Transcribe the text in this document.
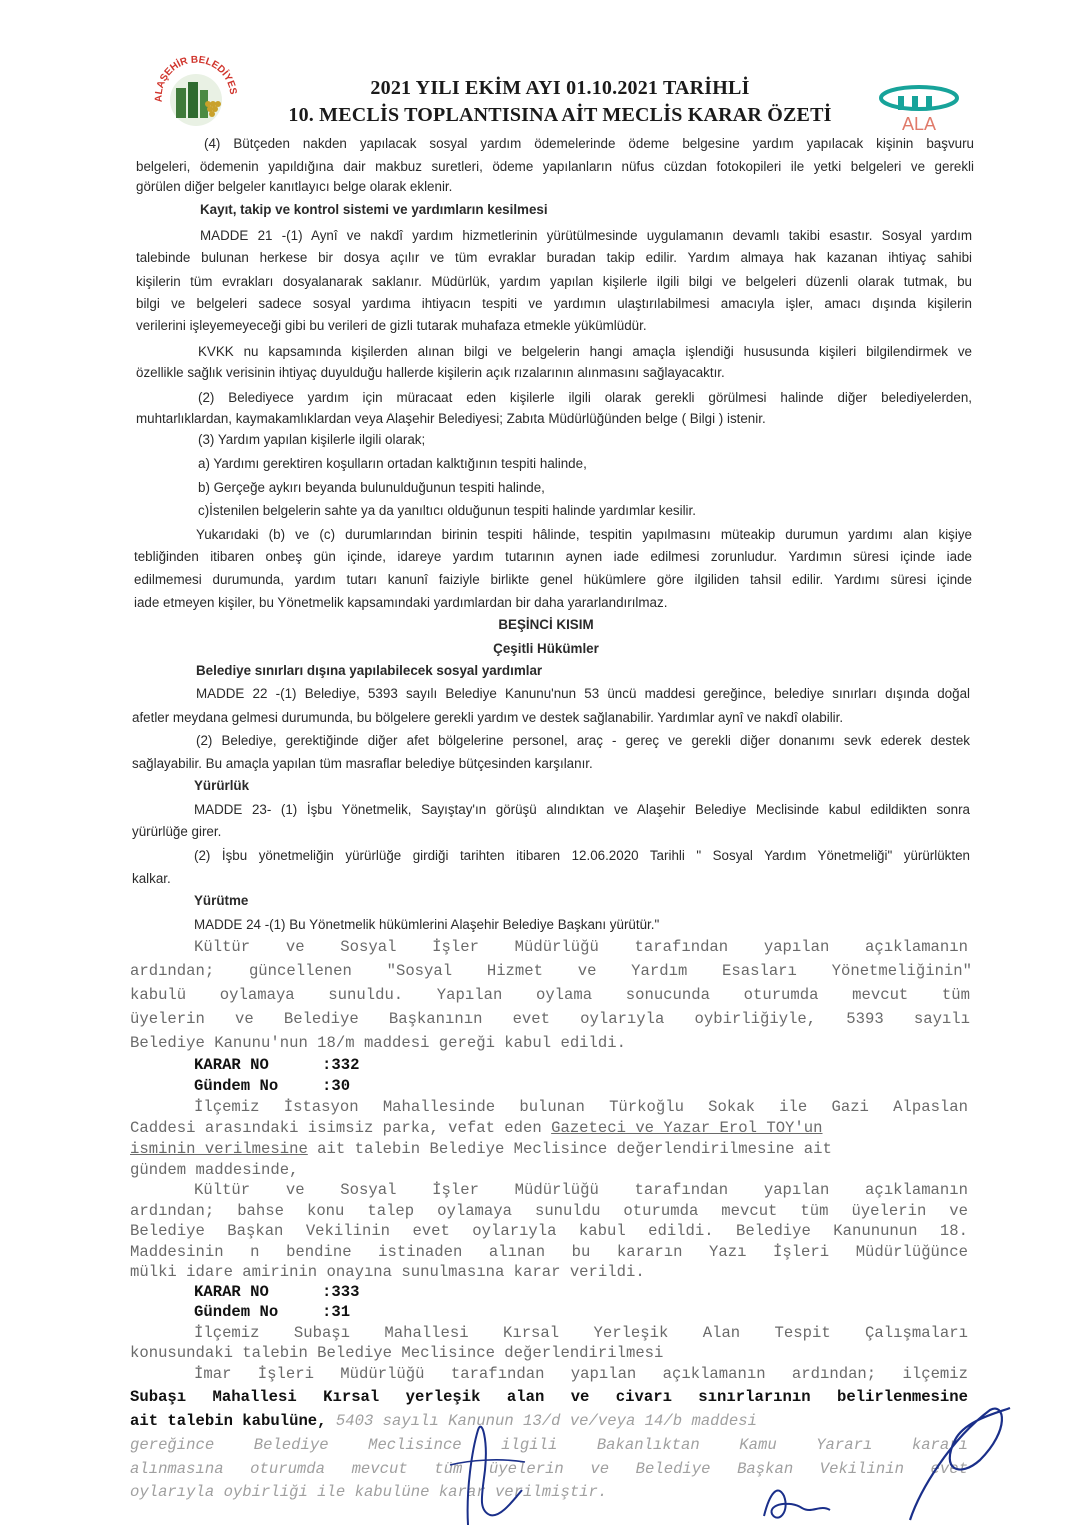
ALAŞEHİR BELEDİYES	2021 YILI EKİM AYI 01.10.2021 TARİHLİ
10. MECLİS TOPLANTISINA AİT MECLİS KARAR ÖZETİ	ALA
(4) Bütçeden nakden yapılacak sosyal yardım ödemelerinde ödeme belgesine yardım yapılacak kişinin başvuru
belgeleri, ödemenin yapıldığına dair makbuz suretleri, ödeme yapılanların nüfus cüzdan fotokopileri ile yetki belgeleri ve gerekli
görülen diğer belgeler kanıtlayıcı belge olarak eklenir.
Kayıt, takip ve kontrol sistemi ve yardımların kesilmesi
MADDE 21 -(1) Aynî ve nakdî yardım hizmetlerinin yürütülmesinde uygulamanın devamlı takibi esastır. Sosyal yardım
talebinde bulunan herkese bir dosya açılır ve tüm evraklar buradan takip edilir. Yardım almaya hak kazanan ihtiyaç sahibi
kişilerin tüm evrakları dosyalanarak saklanır. Müdürlük, yardım yapılan kişilerle ilgili bilgi ve belgeleri düzenli olarak tutmak, bu
bilgi ve belgeleri sadece sosyal yardıma ihtiyacın tespiti ve yardımın ulaştırılabilmesi amacıyla işler, amacı dışında kişilerin
verilerini işleyemeyeceği gibi bu verileri de gizli tutarak muhafaza etmekle yükümlüdür.
KVKK nu kapsamında kişilerden alınan bilgi ve belgelerin hangi amaçla işlendiği hususunda kişileri bilgilendirmek ve
özellikle sağlık verisinin ihtiyaç duyulduğu hallerde kişilerin açık rızalarının alınmasını sağlayacaktır.
(2) Belediyece yardım için müracaat eden kişilerle ilgili olarak gerekli görülmesi halinde diğer belediyelerden,
muhtarlıklardan, kaymakamlıklardan veya Alaşehir Belediyesi; Zabıta Müdürlüğünden belge ( Bilgi ) istenir.
(3) Yardım yapılan kişilerle ilgili olarak;
a) Yardımı gerektiren koşulların ortadan kalktığının tespiti halinde,
b) Gerçeğe aykırı beyanda bulunulduğunun tespiti halinde,
c)İstenilen belgelerin sahte ya da yanıltıcı olduğunun tespiti halinde yardımlar kesilir.
Yukarıdaki (b) ve (c) durumlarından birinin tespiti hâlinde, tespitin yapılmasını müteakip durumun yardımı alan kişiye
tebliğinden itibaren onbeş gün içinde, idareye yardım tutarının aynen iade edilmesi zorunludur. Yardımın süresi içinde iade
edilmemesi durumunda, yardım tutarı kanunî faiziyle birlikte genel hükümlere göre ilgiliden tahsil edilir. Yardımı süresi içinde
iade etmeyen kişiler, bu Yönetmelik kapsamındaki yardımlardan bir daha yararlandırılmaz.
BEŞİNCİ KISIM
Çeşitli Hükümler
Belediye sınırları dışına yapılabilecek sosyal yardımlar
MADDE 22 -(1) Belediye, 5393 sayılı Belediye Kanunu'nun 53 üncü maddesi gereğince, belediye sınırları dışında doğal
afetler meydana gelmesi durumunda, bu bölgelere gerekli yardım ve destek sağlanabilir. Yardımlar aynî ve nakdî olabilir.
(2) Belediye, gerektiğinde diğer afet bölgelerine personel, araç - gereç ve gerekli diğer donanımı sevk ederek destek
sağlayabilir. Bu amaçla yapılan tüm masraflar belediye bütçesinden karşılanır.
Yürürlük
MADDE 23- (1) İşbu Yönetmelik, Sayıştay'ın görüşü alındıktan ve Alaşehir Belediye Meclisinde kabul edildikten sonra
yürürlüğe girer.
(2) İşbu yönetmeliğin yürürlüğe girdiği tarihten itibaren 12.06.2020 Tarihli " Sosyal Yardım Yönetmeliği" yürürlükten
kalkar.
Yürütme
MADDE 24 -(1) Bu Yönetmelik hükümlerini Alaşehir Belediye Başkanı yürütür."
Kültür ve Sosyal İşler Müdürlüğü tarafından yapılan açıklamanın
ardından; güncellenen "Sosyal Hizmet ve Yardım Esasları Yönetmeliğinin"
kabulü oylamaya sunuldu. Yapılan oylama sonucunda oturumda mevcut tüm
üyelerin ve Belediye Başkanının evet oylarıyla oybirliğiyle, 5393 sayılı
Belediye Kanunu'nun 18/m maddesi gereği kabul edildi.
KARAR NO	:332
Gündem No	:30
İlçemiz İstasyon Mahallesinde bulunan Türkoğlu Sokak ile Gazi Alpaslan
Caddesi arasındaki isimsiz parka, vefat eden Gazeteci ve Yazar Erol TOY'un
isminin verilmesine ait talebin Belediye Meclisince değerlendirilmesine ait
gündem maddesinde,
Kültür ve Sosyal İşler Müdürlüğü tarafından yapılan açıklamanın
ardından; bahse konu talep oylamaya sunuldu oturumda mevcut tüm üyelerin ve
Belediye Başkan Vekilinin evet oylarıyla kabul edildi. Belediye Kanununun 18.
Maddesinin n bendine istinaden alınan bu kararın Yazı İşleri Müdürlüğünce
mülki idare amirinin onayına sunulmasına karar verildi.
KARAR NO	:333
Gündem No	:31
İlçemiz Subaşı Mahallesi Kırsal Yerleşik Alan Tespit Çalışmaları
konusundaki talebin Belediye Meclisince değerlendirilmesi
İmar İşleri Müdürlüğü tarafından yapılan açıklamanın ardından; ilçemiz
Subaşı Mahallesi Kırsal yerleşik alan ve civarı sınırlarının belirlenmesine
ait talebin kabulüne, 5403 sayılı Kanunun 13/d ve/veya 14/b maddesi
gereğince Belediye Meclisince ilgili Bakanlıktan Kamu Yararı kararı
alınmasına oturumda mevcut tüm üyelerin ve Belediye Başkan Vekilinin evet
oylarıyla oybirliği ile kabulüne karar verilmiştir.
